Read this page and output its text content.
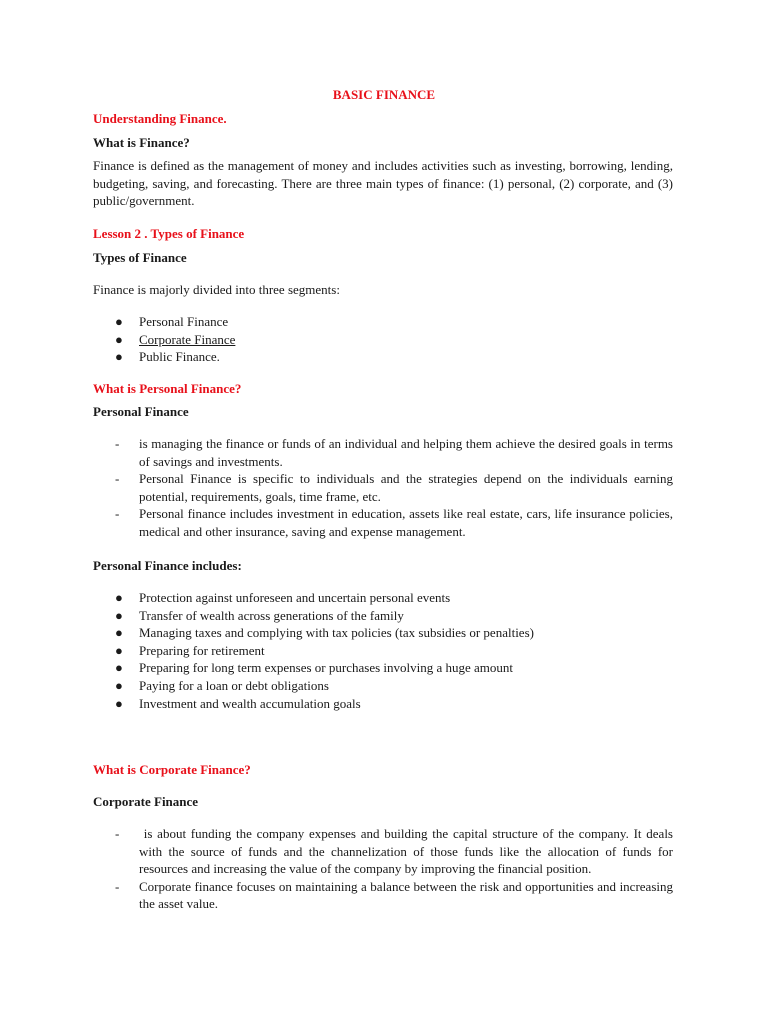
BASIC FINANCE

Understanding Finance.

What is Finance?

Finance is defined as the management of money and includes activities such as investing, borrowing, lending, budgeting, saving, and forecasting. There are three main types of finance: (1) personal, (2) corporate, and (3) public/government.

Lesson 2 . Types of Finance

Types of Finance

Finance is majorly divided into three segments:

●	Personal Finance
●	Corporate Finance
●	Public Finance.

What is Personal Finance?

Personal Finance

-	is managing the finance or funds of an individual and helping them achieve the desired goals in terms of savings and investments.
-	Personal Finance is specific to individuals and the strategies depend on the individuals earning potential, requirements, goals, time frame, etc.
-	Personal finance includes investment in education, assets like real estate, cars, life insurance policies, medical and other insurance, saving and expense management.

Personal Finance includes:

●	Protection against unforeseen and uncertain personal events
●	Transfer of wealth across generations of the family
●	Managing taxes and complying with tax policies (tax subsidies or penalties)
●	Preparing for retirement
●	Preparing for long term expenses or purchases involving a huge amount
●	Paying for a loan or debt obligations
●	Investment and wealth accumulation goals

What is Corporate Finance?

Corporate Finance

-	is about funding the company expenses and building the capital structure of the company. It deals with the source of funds and the channelization of those funds like the allocation of funds for resources and increasing the value of the company by improving the financial position.
-	Corporate finance focuses on maintaining a balance between the risk and opportunities and increasing the asset value.
